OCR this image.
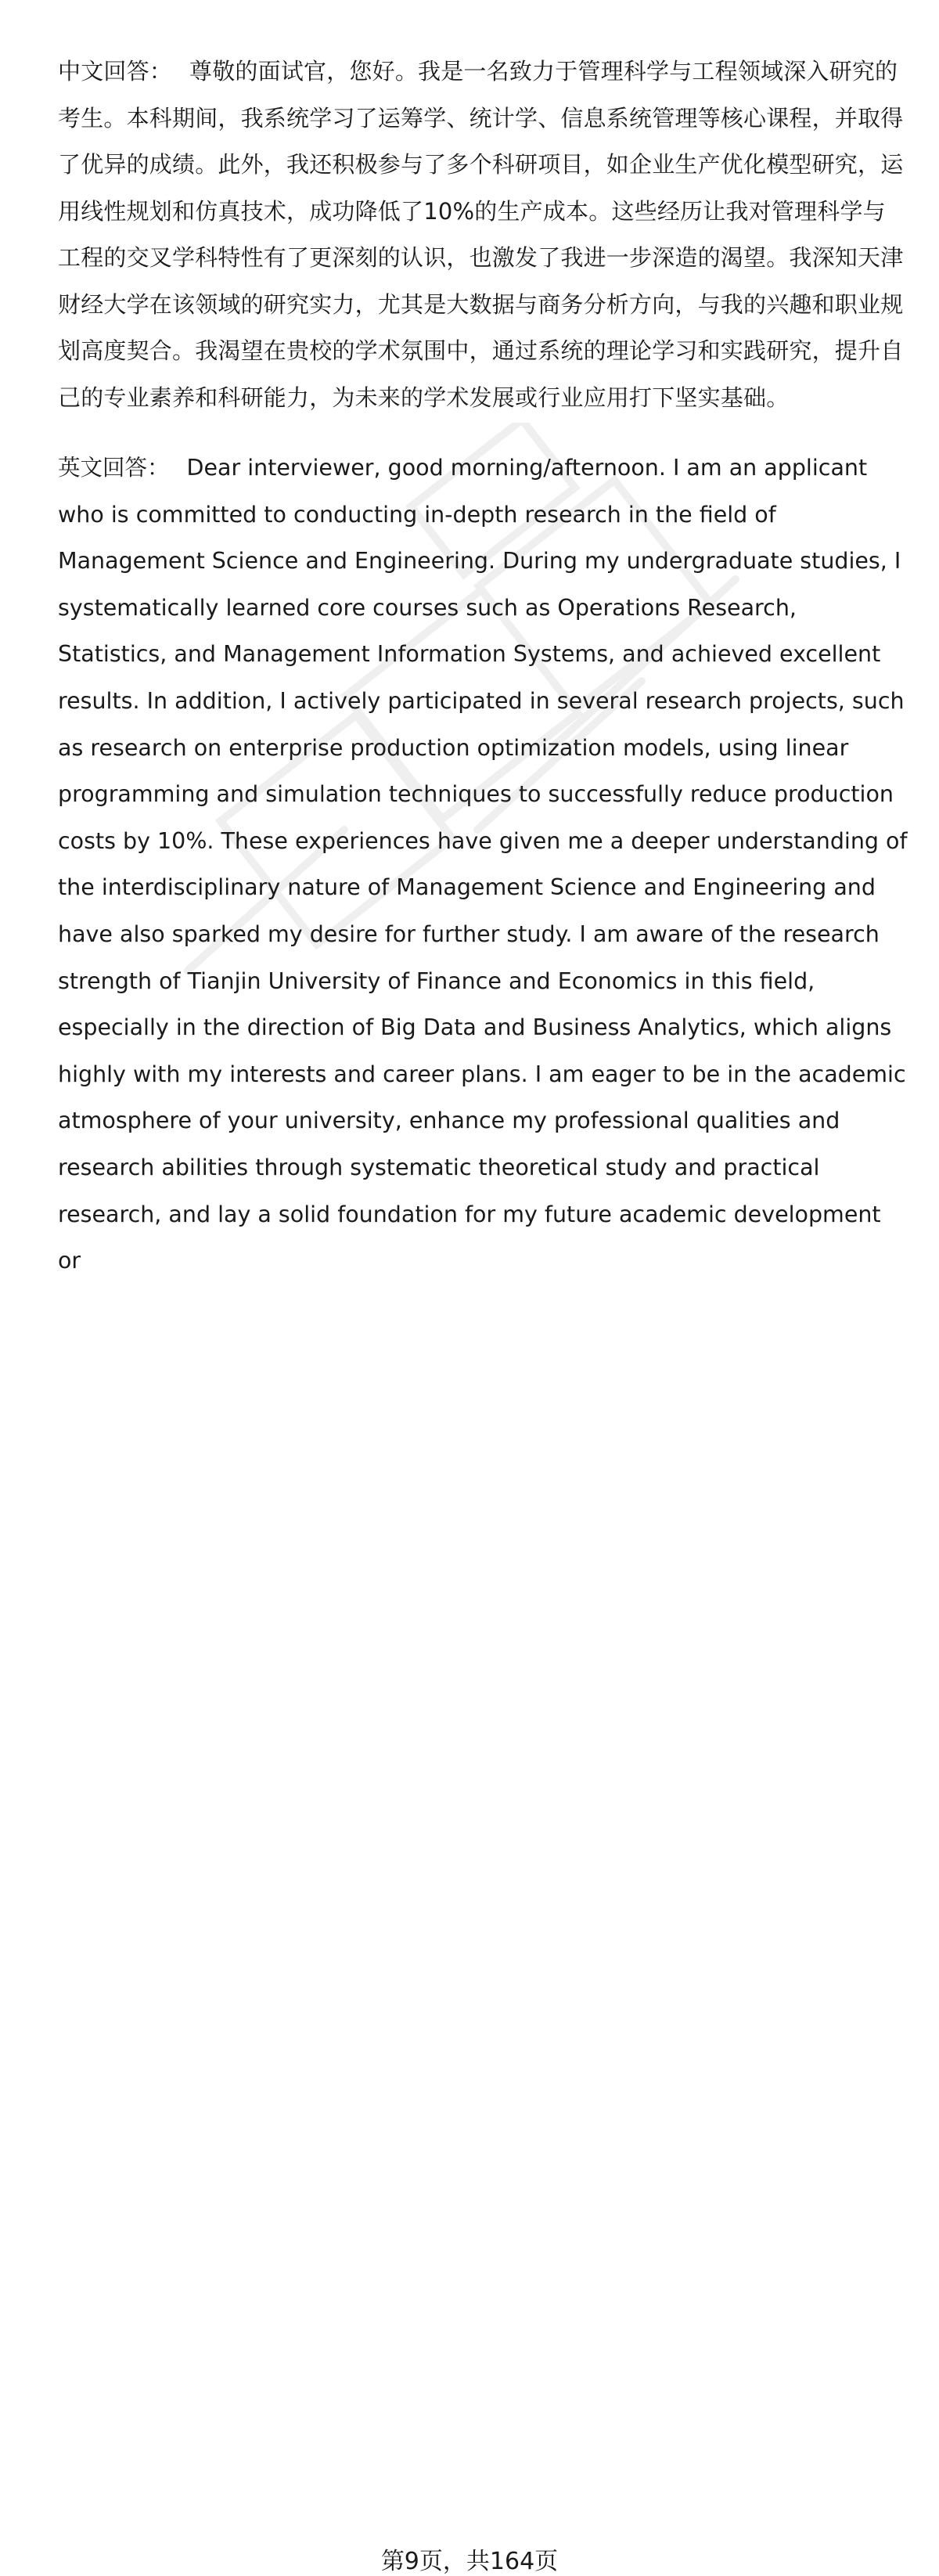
中文回答： 尊敬的面试官，您好。我是一名致力于管理科学与工程领域深入研究的考生。本科期间，我系统学习了运筹学、统计学、信息系统管理等核心课程，并取得了优异的成绩。此外，我还积极参与了多个科研项目，如企业生产优化模型研究，运用线性规划和仿真技术，成功降低了10%的生产成本。这些经历让我对管理科学与工程的交叉学科特性有了更深刻的认识，也激发了我进一步深造的渴望。我深知天津财经大学在该领域的研究实力，尤其是大数据与商务分析方向，与我的兴趣和职业规划高度契合。我渴望在贵校的学术氛围中，通过系统的理论学习和实践研究，提升自己的专业素养和科研能力，为未来的学术发展或行业应用打下坚实基础。

英文回答： Dear interviewer, good morning/afternoon. I am an applicant who is committed to conducting in-depth research in the field of Management Science and Engineering. During my undergraduate studies, I systematically learned core courses such as Operations Research, Statistics, and Management Information Systems, and achieved excellent results. In addition, I actively participated in several research projects, such as research on enterprise production optimization models, using linear programming and simulation techniques to successfully reduce production costs by 10%. These experiences have given me a deeper understanding of the interdisciplinary nature of Management Science and Engineering and have also sparked my desire for further study. I am aware of the research strength of Tianjin University of Finance and Economics in this field, especially in the direction of Big Data and Business Analytics, which aligns highly with my interests and career plans. I am eager to be in the academic atmosphere of your university, enhance my professional qualities and research abilities through systematic theoretical study and practical research, and lay a solid foundation for my future academic development or

第9页，共164页
